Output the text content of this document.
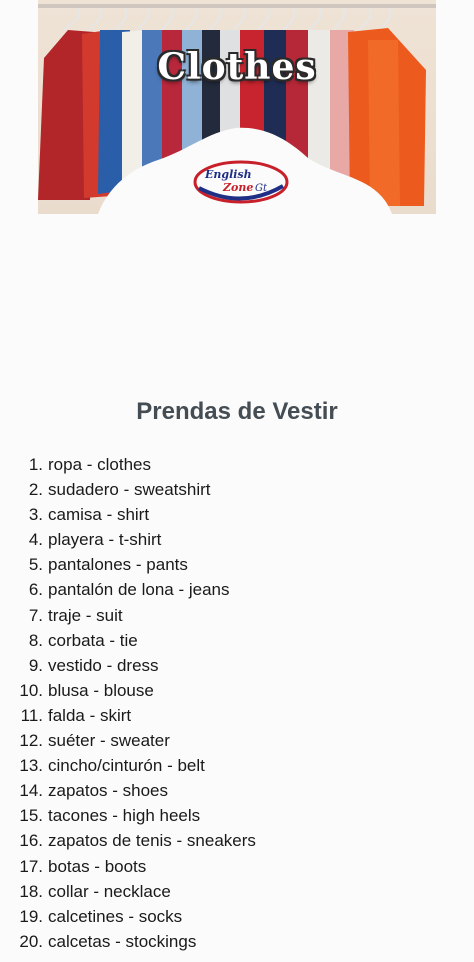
Clothes
English
Zone Gt
Prendas de Vestir
1. ropa - clothes
2. sudadero - sweatshirt
3. camisa - shirt
4. playera - t-shirt
5. pantalones - pants
6. pantalón de lona - jeans
7. traje - suit
8. corbata - tie
9. vestido - dress
10. blusa - blouse
11. falda - skirt
12. suéter - sweater
13. cincho/cinturón - belt
14. zapatos - shoes
15. tacones - high heels
16. zapatos de tenis - sneakers
17. botas - boots
18. collar - necklace
19. calcetines - socks
20. calcetas - stockings
